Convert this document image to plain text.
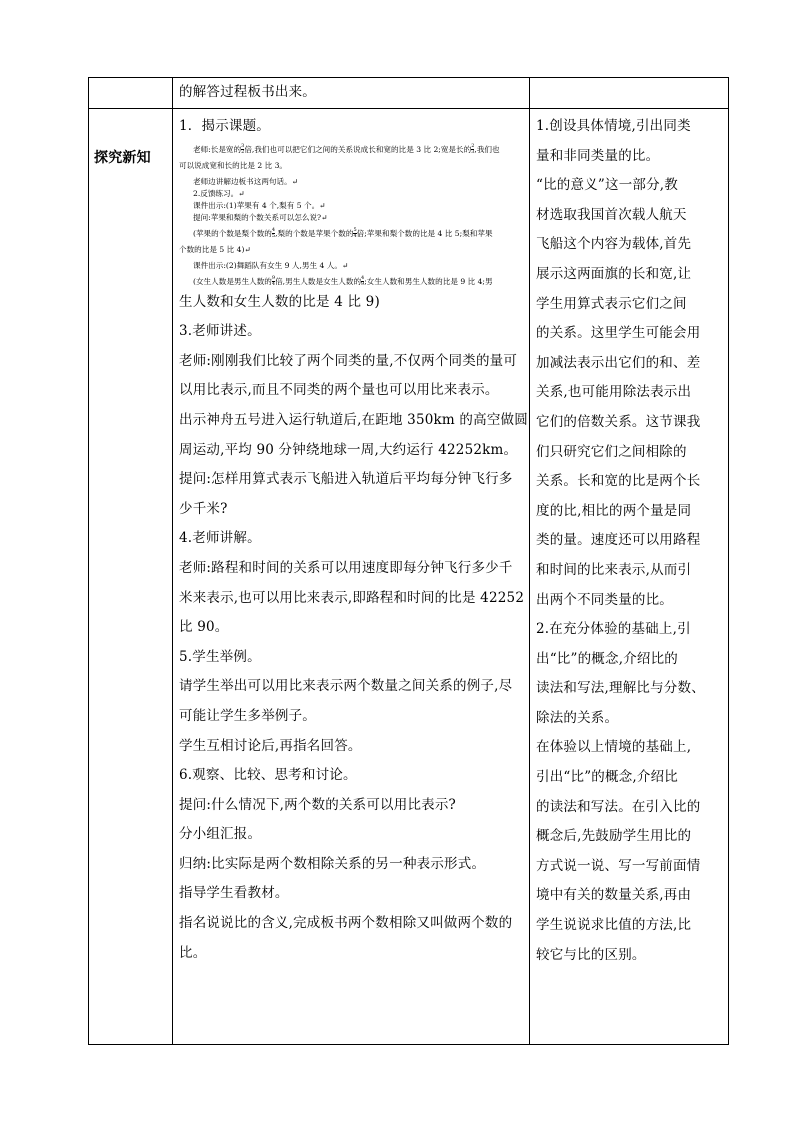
的解答过程板书出来。

探究新知

1．揭示课题。

老师:长是宽的 $\frac{3}{2}$ 倍,我们也可以把它们之间的关系说成长和宽的比是 3 比 2;宽是长的 $\frac{2}{3}$ ,我们也

可以说成宽和长的比是 2 比 3。

老师边讲解边板书这两句话。↵

2.反馈练习。↵

课件出示:(1)苹果有 4 个,梨有 5 个。↵

提问:苹果和梨的个数关系可以怎么说?↵

(苹果的个数是梨个数的 $\frac{4}{5}$ ,梨的个数是苹果个数的 $\frac{5}{4}$ 倍;苹果和梨个数的比是 4 比 5;梨和苹果

个数的比是 5 比 4)↵

课件出示:(2)舞蹈队有女生 9 人,男生 4 人。↵

(女生人数是男生人数的 $\frac{9}{4}$ 倍,男生人数是女生人数的 $\frac{4}{9}$ ;女生人数和男生人数的比是 9 比 4;男

生人数和女生人数的比是 4 比 9)

3.老师讲述。

老师:刚刚我们比较了两个同类的量,不仅两个同类的量可

以用比表示,而且不同类的两个量也可以用比来表示。

出示神舟五号进入运行轨道后,在距地 350km 的高空做圆

周运动,平均 90 分钟绕地球一周,大约运行 42252km。

提问:怎样用算式表示飞船进入轨道后平均每分钟飞行多

少千米?

4.老师讲解。

老师:路程和时间的关系可以用速度即每分钟飞行多少千

米来表示,也可以用比来表示,即路程和时间的比是 42252

比 90。

5.学生举例。

请学生举出可以用比来表示两个数量之间关系的例子,尽

可能让学生多举例子。

学生互相讨论后,再指名回答。

6.观察、比较、思考和讨论。

提问:什么情况下,两个数的关系可以用比表示?

分小组汇报。

归纳:比实际是两个数相除关系的另一种表示形式。

指导学生看教材。

指名说说比的含义,完成板书两个数相除又叫做两个数的

比。

1.创设具体情境,引出同类

量和非同类量的比。

“比的意义”这一部分,教

材选取我国首次载人航天

飞船这个内容为载体,首先

展示这两面旗的长和宽,让

学生用算式表示它们之间

的关系。这里学生可能会用

加减法表示出它们的和、差

关系,也可能用除法表示出

它们的倍数关系。这节课我

们只研究它们之间相除的

关系。长和宽的比是两个长

度的比,相比的两个量是同

类的量。速度还可以用路程

和时间的比来表示,从而引

出两个不同类量的比。

2.在充分体验的基础上,引

出“比”的概念,介绍比的

读法和写法,理解比与分数、

除法的关系。

在体验以上情境的基础上,

引出“比”的概念,介绍比

的读法和写法。在引入比的

概念后,先鼓励学生用比的

方式说一说、写一写前面情

境中有关的数量关系,再由

学生说说求比值的方法,比

较它与比的区别。
